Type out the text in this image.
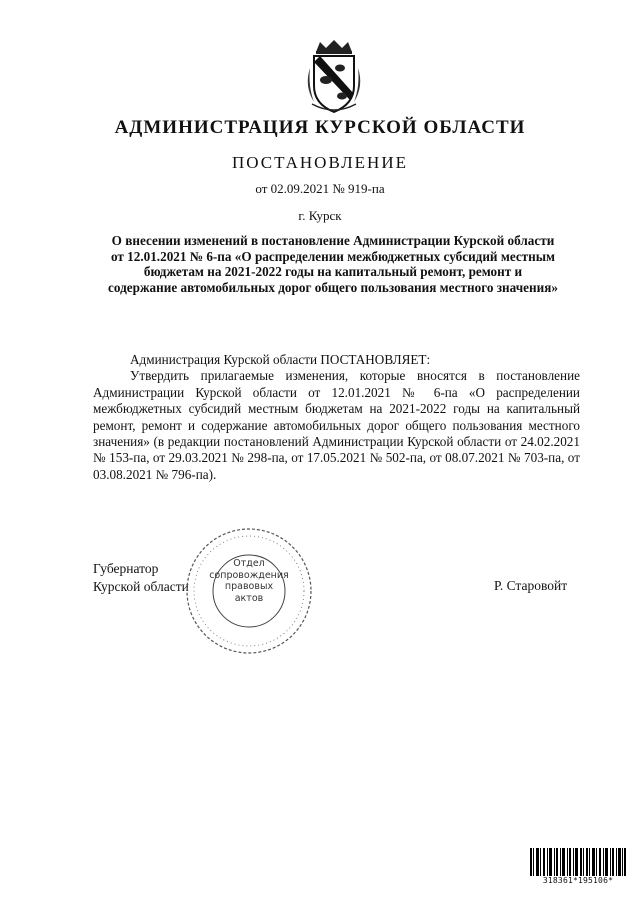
АДМИНИСТРАЦИЯ КУРСКОЙ ОБЛАСТИ
ПОСТАНОВЛЕНИЕ
от 02.09.2021 № 919-па
г. Курск
О внесении изменений в постановление Администрации Курской области от 12.01.2021 № 6-па «О распределении межбюджетных субсидий местным бюджетам на 2021-2022 годы на капитальный ремонт, ремонт и содержание автомобильных дорог общего пользования местного значения»

Администрация Курской области ПОСТАНОВЛЯЕТ:

Утвердить прилагаемые изменения, которые вносятся в постановление Администрации Курской области от 12.01.2021 № 6-па «О распределении межбюджетных субсидий местным бюджетам на 2021-2022 годы на капитальный ремонт, ремонт и содержание автомобильных дорог общего пользования местного значения» (в редакции постановлений Администрации Курской области от 24.02.2021 № 153-па, от 29.03.2021 № 298-па, от 17.05.2021 № 502-па, от 08.07.2021 № 703-па, от 03.08.2021 № 796-па).

Губернатор
Курской области
Отдел
сопровождения
правовых
актов
Р. Старовойт
318361*195106*
